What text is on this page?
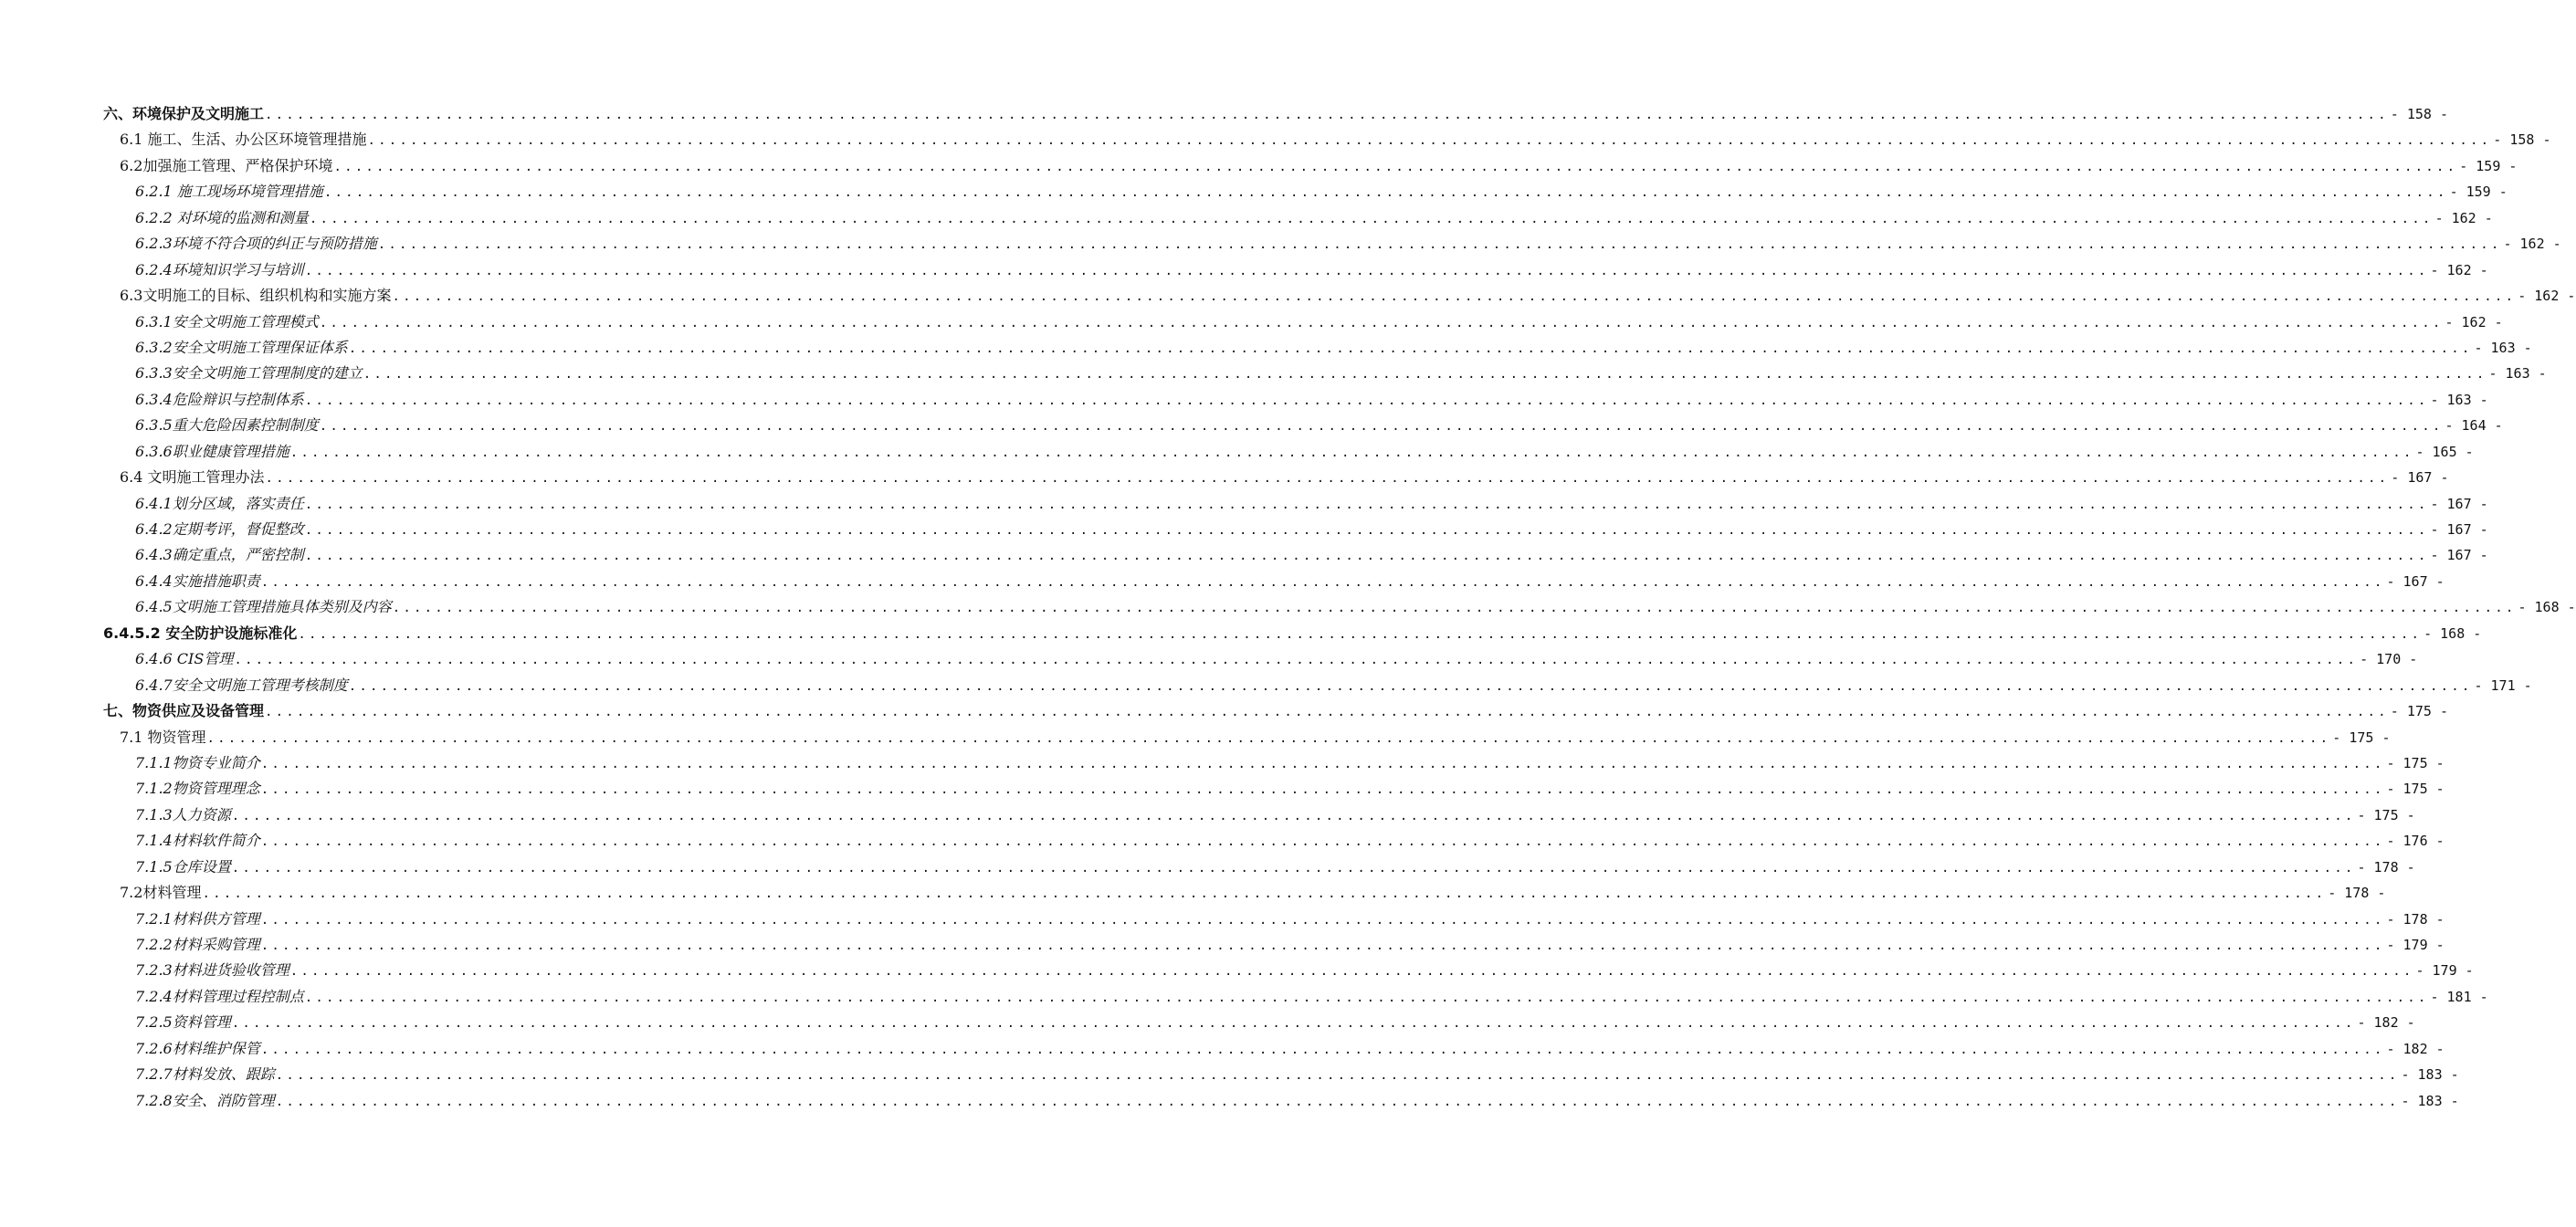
六、环境保护及文明施工 ........................................................................................................................................................................................................ - 158 -
6.1 施工、生活、办公区环境管理措施 ........................................................................................................................................................................................................ - 158 -
6.2加强施工管理、严格保护环境 ........................................................................................................................................................................................................ - 159 -
6.2.1 施工现场环境管理措施 ........................................................................................................................................................................................................ - 159 -
6.2.2 对环境的监测和测量 ........................................................................................................................................................................................................ - 162 -
6.2.3环境不符合项的纠正与预防措施 ........................................................................................................................................................................................................ - 162 -
6.2.4环境知识学习与培训 ........................................................................................................................................................................................................ - 162 -
6.3文明施工的目标、组织机构和实施方案 ........................................................................................................................................................................................................ - 162 -
6.3.1安全文明施工管理模式 ........................................................................................................................................................................................................ - 162 -
6.3.2安全文明施工管理保证体系 ........................................................................................................................................................................................................ - 163 -
6.3.3安全文明施工管理制度的建立 ........................................................................................................................................................................................................ - 163 -
6.3.4危险辩识与控制体系 ........................................................................................................................................................................................................ - 163 -
6.3.5重大危险因素控制制度 ........................................................................................................................................................................................................ - 164 -
6.3.6职业健康管理措施 ........................................................................................................................................................................................................ - 165 -
6.4 文明施工管理办法 ........................................................................................................................................................................................................ - 167 -
6.4.1划分区域，落实责任 ........................................................................................................................................................................................................ - 167 -
6.4.2定期考评，督促整改 ........................................................................................................................................................................................................ - 167 -
6.4.3确定重点，严密控制 ........................................................................................................................................................................................................ - 167 -
6.4.4实施措施职责 ........................................................................................................................................................................................................ - 167 -
6.4.5文明施工管理措施具体类别及内容 ........................................................................................................................................................................................................ - 168 -
6.4.5.2 安全防护设施标准化 ........................................................................................................................................................................................................ - 168 -
6.4.6 CIS管理 ........................................................................................................................................................................................................ - 170 -
6.4.7安全文明施工管理考核制度 ........................................................................................................................................................................................................ - 171 -
七、物资供应及设备管理 ........................................................................................................................................................................................................ - 175 -
7.1 物资管理 ........................................................................................................................................................................................................ - 175 -
7.1.1物资专业简介 ........................................................................................................................................................................................................ - 175 -
7.1.2物资管理理念 ........................................................................................................................................................................................................ - 175 -
7.1.3人力资源 ........................................................................................................................................................................................................ - 175 -
7.1.4材料软件简介 ........................................................................................................................................................................................................ - 176 -
7.1.5仓库设置 ........................................................................................................................................................................................................ - 178 -
7.2材料管理 ........................................................................................................................................................................................................ - 178 -
7.2.1材料供方管理 ........................................................................................................................................................................................................ - 178 -
7.2.2材料采购管理 ........................................................................................................................................................................................................ - 179 -
7.2.3材料进货验收管理 ........................................................................................................................................................................................................ - 179 -
7.2.4材料管理过程控制点 ........................................................................................................................................................................................................ - 181 -
7.2.5资料管理 ........................................................................................................................................................................................................ - 182 -
7.2.6材料维护保管 ........................................................................................................................................................................................................ - 182 -
7.2.7材料发放、跟踪 ........................................................................................................................................................................................................ - 183 -
7.2.8安全、消防管理 ........................................................................................................................................................................................................ - 183 -
